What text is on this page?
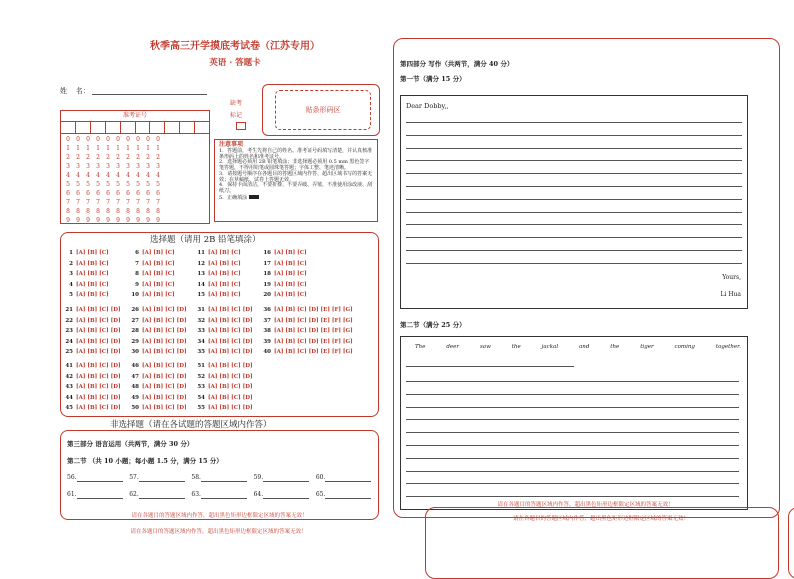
秋季高三开学摸底考试卷（江苏专用）
英语 · 答题卡
姓    名：
准考证号
0	0	0	0	0	0	0	0	0	0
1	1	1	1	1	1	1	1	1	1
2	2	2	2	2	2	2	2	2	2
3	3	3	3	3	3	3	3	3	3
4	4	4	4	4	4	4	4	4	4
5	5	5	5	5	5	5	5	5	5
6	6	6	6	6	6	6	6	6	6
7	7	7	7	7	7	7	7	7	7
8	8	8	8	8	8	8	8	8	8
9	9	9	9	9	9	9	9	9	9
缺考
标记
贴条形码区
注意事项
1．答题前，考生先将自己的姓名、准考证号码填写清楚，并认真核准条形码上的姓名和准考证号。
2．选择题必须用 2B 铅笔填涂；非选择题必须用 0.5 mm 黑色签字笔答题，不得用铅笔或圆珠笔答题；字体工整、笔迹清晰。
3．请按题号顺序在各题目的答题区域内作答，超出区域书写的答案无效；在草稿纸、试卷上答题无效。
4．保持卡面清洁，不要折叠、不要弄破、弄皱，不准使用涂改液、刮纸刀。
5．正确填涂
选择题（请用 2B 铅笔填涂）
1 [A] [B] [C]
2 [A] [B] [C]
3 [A] [B] [C]
4 [A] [B] [C]
5 [A] [B] [C]
6 [A] [B] [C]
7 [A] [B] [C]
8 [A] [B] [C]
9 [A] [B] [C]
10 [A] [B] [C]
11 [A] [B] [C]
12 [A] [B] [C]
13 [A] [B] [C]
14 [A] [B] [C]
15 [A] [B] [C]
16 [A] [B] [C]
17 [A] [B] [C]
18 [A] [B] [C]
19 [A] [B] [C]
20 [A] [B] [C]
21 [A] [B] [C] [D]
22 [A] [B] [C] [D]
23 [A] [B] [C] [D]
24 [A] [B] [C] [D]
25 [A] [B] [C] [D]
26 [A] [B] [C] [D]
27 [A] [B] [C] [D]
28 [A] [B] [C] [D]
29 [A] [B] [C] [D]
30 [A] [B] [C] [D]
31 [A] [B] [C] [D]
32 [A] [B] [C] [D]
33 [A] [B] [C] [D]
34 [A] [B] [C] [D]
35 [A] [B] [C] [D]
36 [A] [B] [C] [D] [E] [F] [G]
37 [A] [B] [C] [D] [E] [F] [G]
38 [A] [B] [C] [D] [E] [F] [G]
39 [A] [B] [C] [D] [E] [F] [G]
40 [A] [B] [C] [D] [E] [F] [G]
41 [A] [B] [C] [D]
42 [A] [B] [C] [D]
43 [A] [B] [C] [D]
44 [A] [B] [C] [D]
45 [A] [B] [C] [D]
46 [A] [B] [C] [D]
47 [A] [B] [C] [D]
48 [A] [B] [C] [D]
49 [A] [B] [C] [D]
50 [A] [B] [C] [D]
51 [A] [B] [C] [D]
52 [A] [B] [C] [D]
53 [A] [B] [C] [D]
54 [A] [B] [C] [D]
55 [A] [B] [C] [D]
非选择题（请在各试题的答题区域内作答）
第三部分 语言运用（共两节，满分 30 分）
第二节 （共 10 小题；每小题 1.5 分，满分 15 分）
56.	57.	58.	59.	60.
61.	62.	63.	64.	65.
请在各题目的答题区域内作答，超出黑色矩形边框限定区域的答案无效！
请在各题目的答题区域内作答，超出黑色矩形边框限定区域的答案无效！
第四部分 写作（共两节，满分 40 分）
第一节（满分 15 分）
Dear Dobby,,
Yours,
Li Hua
第二节（满分 25 分）
The	deer	saw	the	jackal	and	the	tiger	coming	together.
请在各题目的答题区域内作答，超出黑色矩形边框限定区域的答案无效！
请在各题目的答题区域内作答，超出黑色矩形边框限定区域的答案无效！
